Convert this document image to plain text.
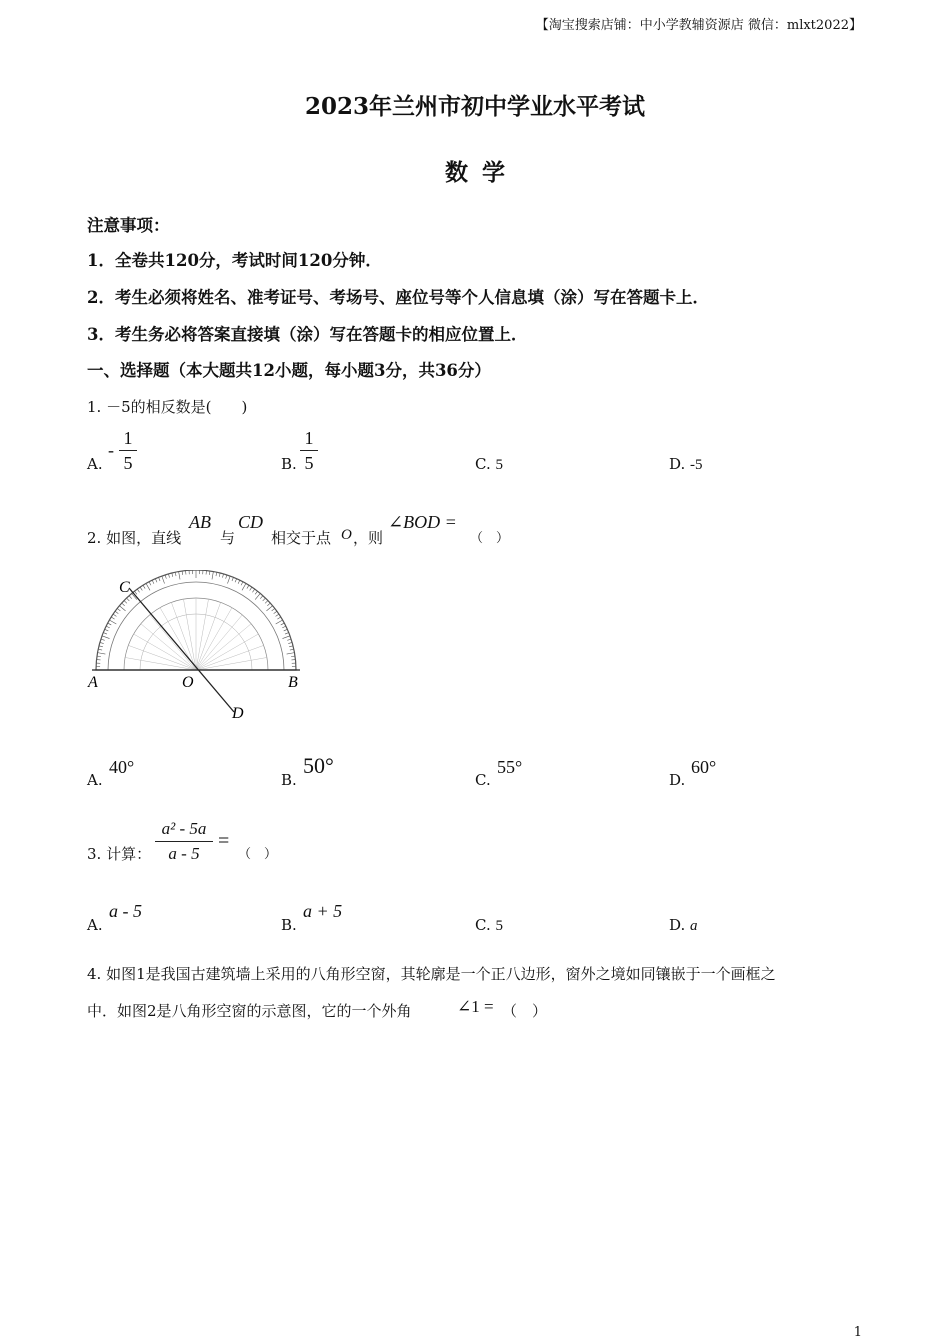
【淘宝搜索店铺：中小学教辅资源店 微信：mlxt2022】
2023年兰州市初中学业水平考试
数学
注意事项：
1．全卷共120分，考试时间120分钟．
2．考生必须将姓名、准考证号、考场号、座位号等个人信息填（涂）写在答题卡上．
3．考生务必将答案直接填（涂）写在答题卡的相应位置上．
一、选择题（本大题共12小题，每小题3分，共36分）
1. －5的相反数是(　　)
A.
-
1
5	B.
1
5	C. 5	D. -5
2. 如图，直线
AB
与
CD
相交于点 O ，则
∠BOD =
（　）
C
A	O	B
D
A.
40°
B.
50°
C.
55°
D.
60°
3. 计算：
a² - 5a
a - 5
=
（　）
A.
a - 5
B.
a + 5
C. 5	D. a
4. 如图1是我国古建筑墙上采用的八角形空窗，其轮廓是一个正八边形，窗外之境如同镶嵌于一个画框之
中．如图2是八角形空窗的示意图，它的一个外角	∠1 = （　）
1
